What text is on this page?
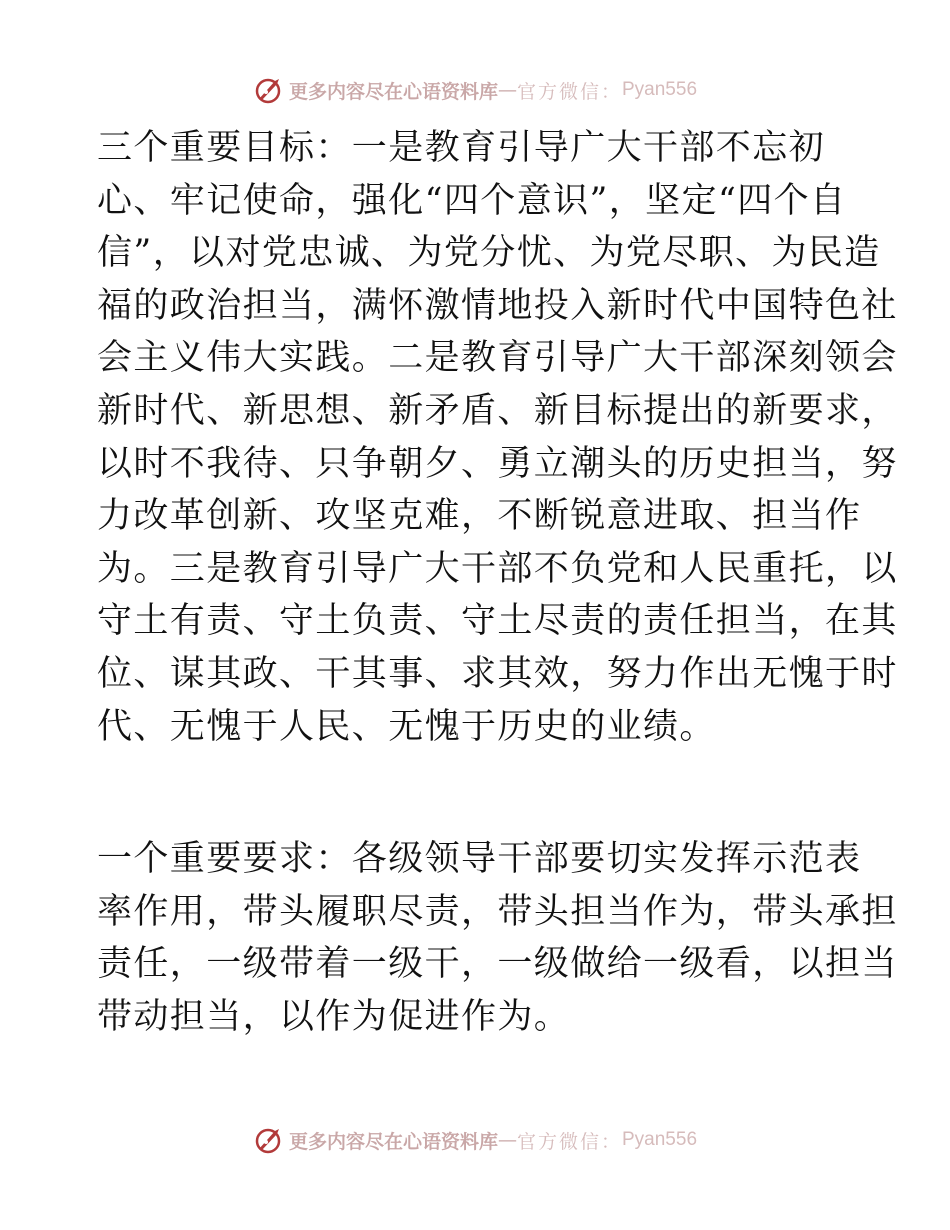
更多内容尽在心语资料库 — 官方微信： Pyan556
三个重要目标：一是教育引导广大干部不忘初
心、牢记使命，强化“四个意识”，坚定“四个自
信”，以对党忠诚、为党分忧、为党尽职、为民造
福的政治担当，满怀激情地投入新时代中国特色社
会主义伟大实践。二是教育引导广大干部深刻领会
新时代、新思想、新矛盾、新目标提出的新要求，
以时不我待、只争朝夕、勇立潮头的历史担当，努
力改革创新、攻坚克难，不断锐意进取、担当作
为。三是教育引导广大干部不负党和人民重托，以
守土有责、守土负责、守土尽责的责任担当，在其
位、谋其政、干其事、求其效，努力作出无愧于时
代、无愧于人民、无愧于历史的业绩。
一个重要要求：各级领导干部要切实发挥示范表
率作用，带头履职尽责，带头担当作为，带头承担
责任，一级带着一级干，一级做给一级看，以担当
带动担当，以作为促进作为。
更多内容尽在心语资料库 — 官方微信： Pyan556
